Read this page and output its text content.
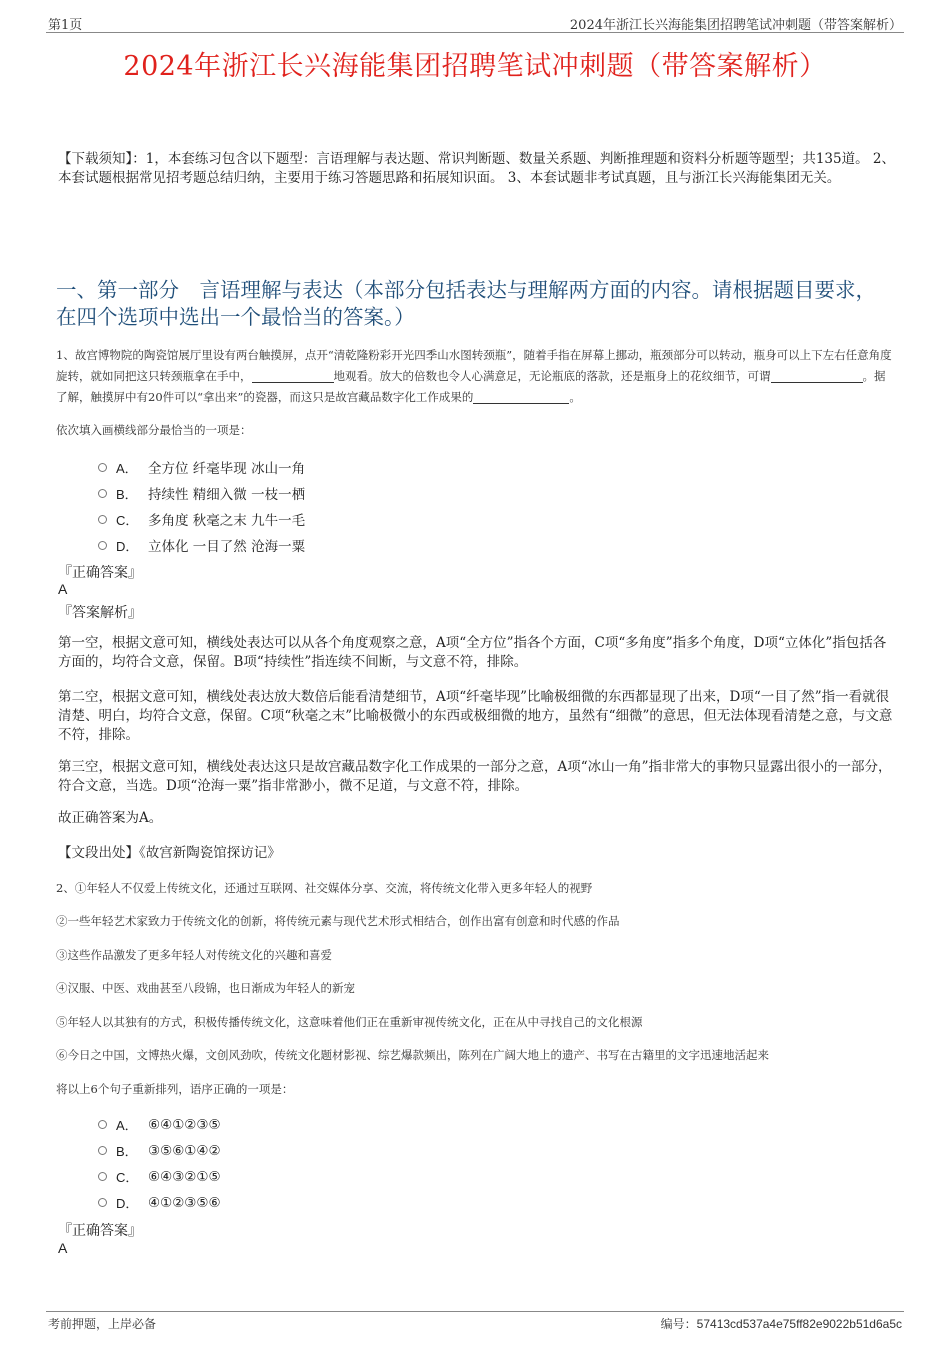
第1页	2024年浙江长兴海能集团招聘笔试冲刺题（带答案解析）
2024年浙江长兴海能集团招聘笔试冲刺题（带答案解析）
【下载须知】：1，本套练习包含以下题型：言语理解与表达题、常识判断题、数量关系题、判断推理题和资料分析题等题型；共135道。 2、本套试题根据常见招考题总结归纳，主要用于练习答题思路和拓展知识面。 3、本套试题非考试真题，且与浙江长兴海能集团无关。
一、第一部分　言语理解与表达（本部分包括表达与理解两方面的内容。请根据题目要求，在四个选项中选出一个最恰当的答案。）
1、故宫博物院的陶瓷馆展厅里设有两台触摸屏，点开“清乾隆粉彩开光四季山水图转颈瓶”，随着手指在屏幕上挪动，瓶颈部分可以转动，瓶身可以上下左右任意角度旋转，就如同把这只转颈瓶拿在手中，	地观看。放大的倍数也令人心满意足，无论瓶底的落款，还是瓶身上的花纹细节，可谓	。据了解，触摸屏中有20件可以“拿出来”的瓷器，而这只是故宫藏品数字化工作成果的	。
依次填入画横线部分最恰当的一项是：
A． 全方位 纤毫毕现 冰山一角
B． 持续性 精细入微 一枝一栖
C． 多角度 秋毫之末 九牛一毛
D． 立体化 一目了然 沧海一粟
『正确答案』
A
『答案解析』
第一空，根据文意可知，横线处表达可以从各个角度观察之意，A项“全方位”指各个方面，C项“多角度”指多个角度，D项“立体化”指包括各方面的，均符合文意，保留。B项“持续性”指连续不间断，与文意不符，排除。
第二空，根据文意可知，横线处表达放大数倍后能看清楚细节，A项“纤毫毕现”比喻极细微的东西都显现了出来，D项“一目了然”指一看就很清楚、明白，均符合文意，保留。C项“秋毫之末”比喻极微小的东西或极细微的地方，虽然有“细微”的意思，但无法体现看清楚之意，与文意不符，排除。
第三空，根据文意可知，横线处表达这只是故宫藏品数字化工作成果的一部分之意，A项“冰山一角”指非常大的事物只显露出很小的一部分，符合文意，当选。D项“沧海一粟”指非常渺小，微不足道，与文意不符，排除。
故正确答案为A。
【文段出处】《故宫新陶瓷馆探访记》
2、①年轻人不仅爱上传统文化，还通过互联网、社交媒体分享、交流，将传统文化带入更多年轻人的视野
②一些年轻艺术家致力于传统文化的创新，将传统元素与现代艺术形式相结合，创作出富有创意和时代感的作品
③这些作品激发了更多年轻人对传统文化的兴趣和喜爱
④汉服、中医、戏曲甚至八段锦，也日渐成为年轻人的新宠
⑤年轻人以其独有的方式，积极传播传统文化，这意味着他们正在重新审视传统文化，正在从中寻找自己的文化根源
⑥今日之中国，文博热火爆，文创风劲吹，传统文化题材影视、综艺爆款频出，陈列在广阔大地上的遗产、书写在古籍里的文字迅速地活起来
将以上6个句子重新排列，语序正确的一项是：
A． ⑥④①②③⑤
B． ③⑤⑥①④②
C． ⑥④③②①⑤
D． ④①②③⑤⑥
『正确答案』
A
考前押题，上岸必备	编号：57413cd537a4e75ff82e9022b51d6a5c
